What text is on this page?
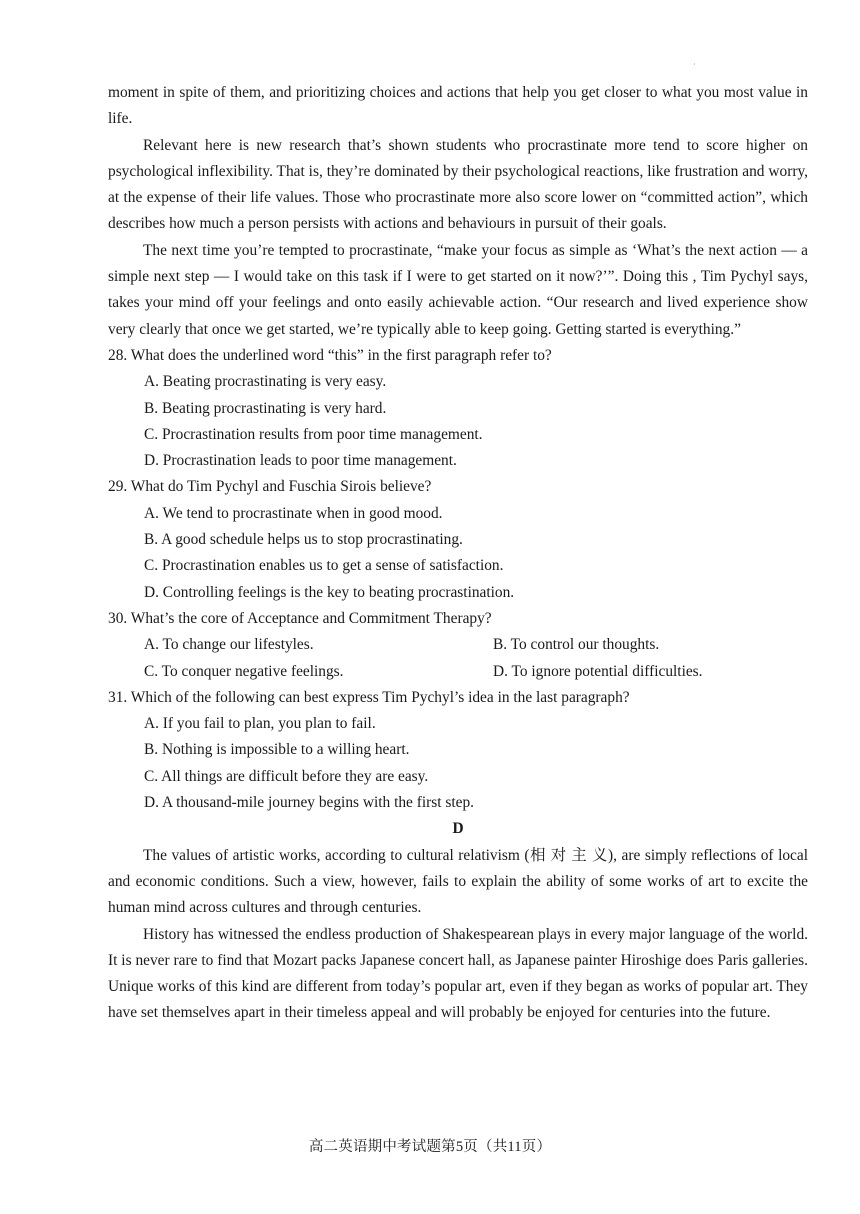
·

moment in spite of them, and prioritizing choices and actions that help you get closer to what you most value in life.

Relevant here is new research that’s shown students who procrastinate more tend to score higher on psychological inflexibility. That is, they’re dominated by their psychological reactions, like frustration and worry, at the expense of their life values. Those who procrastinate more also score lower on “committed action”, which describes how much a person persists with actions and behaviours in pursuit of their goals.

The next time you’re tempted to procrastinate, “make your focus as simple as ‘What’s the next action — a simple next step — I would take on this task if I were to get started on it now?’”. Doing this , Tim Pychyl says, takes your mind off your feelings and onto easily achievable action. “Our research and lived experience show very clearly that once we get started, we’re typically able to keep going. Getting started is everything.”

28. What does the underlined word “this” in the first paragraph refer to?
A. Beating procrastinating is very easy.
B. Beating procrastinating is very hard.
C. Procrastination results from poor time management.
D. Procrastination leads to poor time management.
29. What do Tim Pychyl and Fuschia Sirois believe?
A. We tend to procrastinate when in good mood.
B. A good schedule helps us to stop procrastinating.
C. Procrastination enables us to get a sense of satisfaction.
D. Controlling feelings is the key to beating procrastination.
30. What’s the core of Acceptance and Commitment Therapy?
A. To change our lifestyles.	B. To control our thoughts.
C. To conquer negative feelings.	D. To ignore potential difficulties.
31. Which of the following can best express Tim Pychyl’s idea in the last paragraph?
A. If you fail to plan, you plan to fail.
B. Nothing is impossible to a willing heart.
C. All things are difficult before they are easy.
D. A thousand-mile journey begins with the first step.
D

The values of artistic works, according to cultural relativism (相 对 主 义), are simply reflections of local and economic conditions. Such a view, however, fails to explain the ability of some works of art to excite the human mind across cultures and through centuries.

History has witnessed the endless production of Shakespearean plays in every major language of the world. It is never rare to find that Mozart packs Japanese concert hall, as Japanese painter Hiroshige does Paris galleries. Unique works of this kind are different from today’s popular art, even if they began as works of popular art. They have set themselves apart in their timeless appeal and will probably be enjoyed for centuries into the future.

高二英语期中考试题第5页（共11页）
